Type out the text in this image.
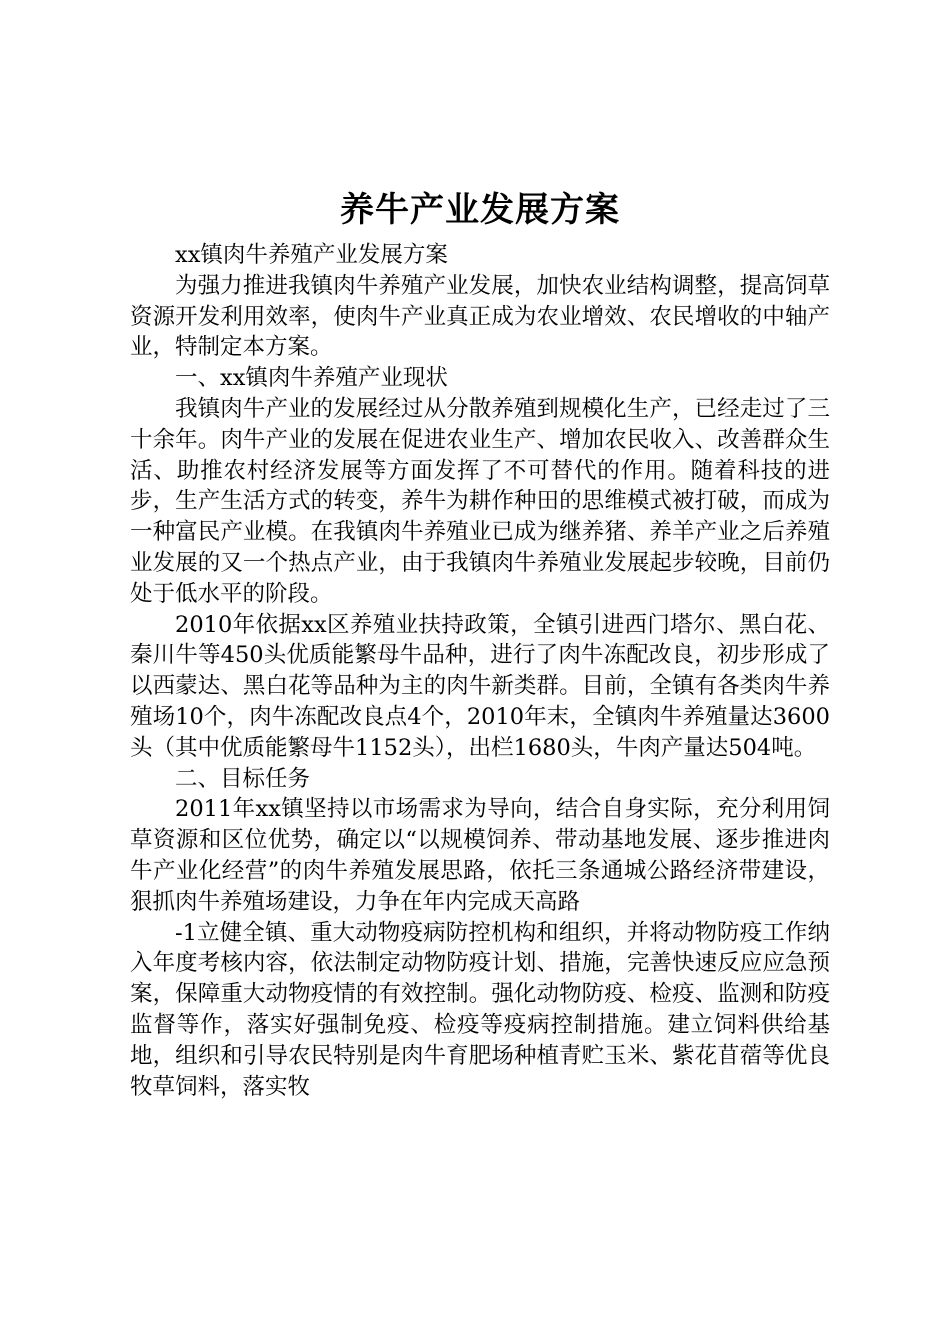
养牛产业发展方案

xx镇肉牛养殖产业发展方案

为强力推进我镇肉牛养殖产业发展，加快农业结构调整，提高饲草资源开发利用效率，使肉牛产业真正成为农业增效、农民增收的中轴产业，特制定本方案。

一、xx镇肉牛养殖产业现状

我镇肉牛产业的发展经过从分散养殖到规模化生产，已经走过了三十余年。肉牛产业的发展在促进农业生产、增加农民收入、改善群众生活、助推农村经济发展等方面发挥了不可替代的作用。随着科技的进步，生产生活方式的转变，养牛为耕作种田的思维模式被打破，而成为一种富民产业模。在我镇肉牛养殖业已成为继养猪、养羊产业之后养殖业发展的又一个热点产业，由于我镇肉牛养殖业发展起步较晚，目前仍处于低水平的阶段。

2010年依据xx区养殖业扶持政策，全镇引进西门塔尔、黑白花、秦川牛等450头优质能繁母牛品种，进行了肉牛冻配改良，初步形成了以西蒙达、黑白花等品种为主的肉牛新类群。目前，全镇有各类肉牛养殖场10个，肉牛冻配改良点4个，2010年末，全镇肉牛养殖量达3600头（其中优质能繁母牛1152头），出栏1680头，牛肉产量达504吨。

二、目标任务

2011年xx镇坚持以市场需求为导向，结合自身实际，充分利用饲草资源和区位优势，确定以“以规模饲养、带动基地发展、逐步推进肉牛产业化经营”的肉牛养殖发展思路，依托三条通城公路经济带建设，狠抓肉牛养殖场建设，力争在年内完成天高路

-1立健全镇、重大动物疫病防控机构和组织，并将动物防疫工作纳入年度考核内容，依法制定动物防疫计划、措施，完善快速反应应急预案，保障重大动物疫情的有效控制。强化动物防疫、检疫、监测和防疫监督等作，落实好强制免疫、检疫等疫病控制措施。建立饲料供给基地，组织和引导农民特别是肉牛育肥场种植青贮玉米、紫花苜蓿等优良牧草饲料，落实牧
